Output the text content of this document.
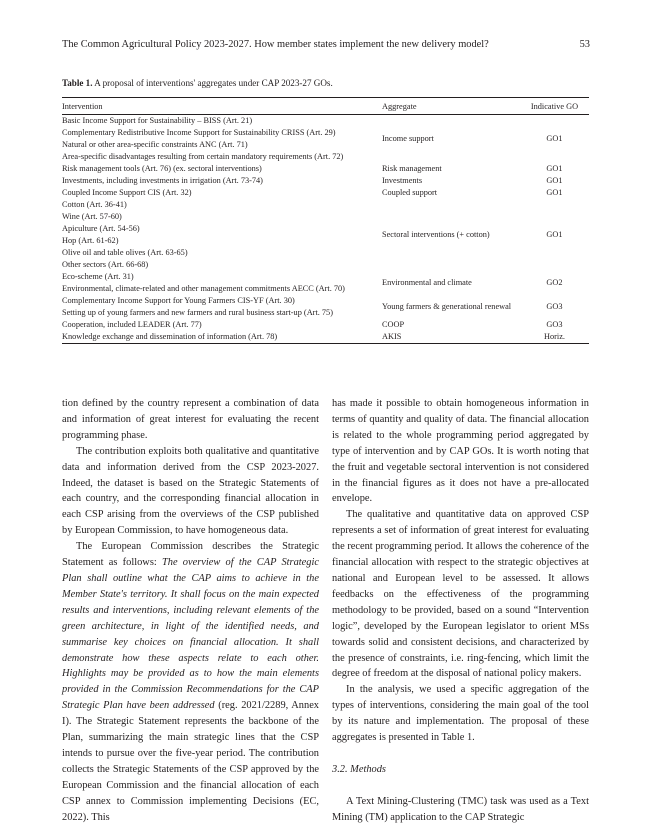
The Common Agricultural Policy 2023-2027. How member states implement the new delivery model?	53
Table 1. A proposal of interventions' aggregates under CAP 2023-27 GOs.
Intervention	Aggregate	Indicative GO
Basic Income Support for Sustainability – BISS (Art. 21)	Income support	GO1
Complementary Redistributive Income Support for Sustainability CRISS (Art. 29)		
Natural or other area-specific constraints ANC (Art. 71)		
Area-specific disadvantages resulting from certain mandatory requirements (Art. 72)		
Risk management tools (Art. 76) (ex. sectoral interventions)	Risk management	GO1
Investments, including investments in irrigation (Art. 73-74)	Investments	GO1
Coupled Income Support CIS (Art. 32)	Coupled support	GO1
Cotton (Art. 36-41)	Sectoral interventions (+ cotton)	GO1
Wine (Art. 57-60)		
Apiculture (Art. 54-56)		
Hop (Art. 61-62)		
Olive oil and table olives (Art. 63-65)		
Other sectors (Art. 66-68)		
Eco-scheme (Art. 31)	Environmental and climate	GO2
Environmental, climate-related and other management commitments AECC (Art. 70)		
Complementary Income Support for Young Farmers CIS-YF (Art. 30)	Young farmers & generational renewal	GO3
Setting up of young farmers and new farmers and rural business start-up (Art. 75)		
Cooperation, included LEADER (Art. 77)	COOP	GO3
Knowledge exchange and dissemination of information (Art. 78)	AKIS	Horiz.

tion defined by the country represent a combination of data and information of great interest for evaluating the recent programming phase.

The contribution exploits both qualitative and quantitative data and information derived from the CSP 2023-2027. Indeed, the dataset is based on the Strategic Statements of each country, and the corresponding financial allocation in each CSP arising from the overviews of the CSP published by European Commission, to have homogeneous data.

The European Commission describes the Strategic Statement as follows: The overview of the CAP Strategic Plan shall outline what the CAP aims to achieve in the Member State's territory. It shall focus on the main expected results and interventions, including relevant elements of the green architecture, in light of the identified needs, and summarise key choices on financial allocation. It shall demonstrate how these aspects relate to each other. Highlights may be provided as to how the main elements provided in the Commission Recommendations for the CAP Strategic Plan have been addressed (reg. 2021/2289, Annex I). The Strategic Statement represents the backbone of the Plan, summarizing the main strategic lines that the CSP intends to pursue over the five-year period. The contribution collects the Strategic Statements of the CSP approved by the European Commission and the financial allocation of each CSP annex to Commission implementing Decisions (EC, 2022). This

has made it possible to obtain homogeneous information in terms of quantity and quality of data. The financial allocation is related to the whole programming period aggregated by type of intervention and by CAP GOs. It is worth noting that the fruit and vegetable sectoral intervention is not considered in the financial figures as it does not have a pre-allocated envelope.

The qualitative and quantitative data on approved CSP represents a set of information of great interest for evaluating the recent programming period. It allows the coherence of the financial allocation with respect to the strategic objectives at national and European level to be assessed. It allows feedbacks on the effectiveness of the programming methodology to be provided, based on a sound “Intervention logic”, developed by the European legislator to orient MSs towards solid and consistent decisions, and characterized by the presence of constraints, i.e. ring-fencing, which limit the degree of freedom at the disposal of national policy makers.

In the analysis, we used a specific aggregation of the types of interventions, considering the main goal of the tool by its nature and implementation. The proposal of these aggregates is presented in Table 1.

3.2. Methods

A Text Mining-Clustering (TMC) task was used as a Text Mining (TM) application to the CAP Strategic
